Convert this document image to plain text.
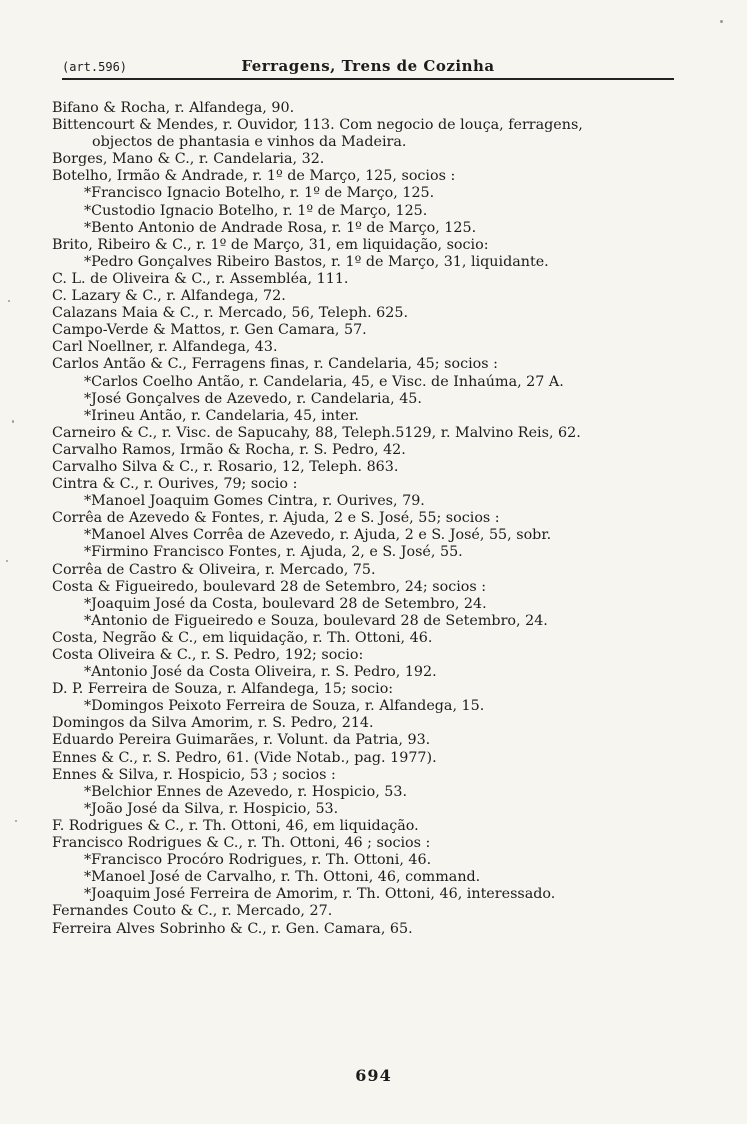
(art.596)	Ferragens, Trens de Cozinha
Bifano & Rocha, r. Alfandega, 90.
Bittencourt & Mendes, r. Ouvidor, 113. Com negocio de louça, ferragens,
objectos de phantasia e vinhos da Madeira.
Borges, Mano & C., r. Candelaria, 32.
Botelho, Irmão & Andrade, r. 1º de Março, 125, socios :
*Francisco Ignacio Botelho, r. 1º de Março, 125.
*Custodio Ignacio Botelho, r. 1º de Março, 125.
*Bento Antonio de Andrade Rosa, r. 1º de Março, 125.
Brito, Ribeiro & C., r. 1º de Março, 31, em liquidação, socio:
*Pedro Gonçalves Ribeiro Bastos, r. 1º de Março, 31, liquidante.
C. L. de Oliveira & C., r. Assembléa, 111.
C. Lazary & C., r. Alfandega, 72.
Calazans Maia & C., r. Mercado, 56, Teleph. 625.
Campo-Verde & Mattos, r. Gen Camara, 57.
Carl Noellner, r. Alfandega, 43.
Carlos Antão & C., Ferragens finas, r. Candelaria, 45; socios :
*Carlos Coelho Antão, r. Candelaria, 45, e Visc. de Inhaúma, 27 A.
*José Gonçalves de Azevedo, r. Candelaria, 45.
*Irineu Antão, r. Candelaria, 45, inter.
Carneiro & C., r. Visc. de Sapucahy, 88, Teleph.5129, r. Malvino Reis, 62.
Carvalho Ramos, Irmão & Rocha, r. S. Pedro, 42.
Carvalho Silva & C., r. Rosario, 12, Teleph. 863.
Cintra & C., r. Ourives, 79; socio :
*Manoel Joaquim Gomes Cintra, r. Ourives, 79.
Corrêa de Azevedo & Fontes, r. Ajuda, 2 e S. José, 55; socios :
*Manoel Alves Corrêa de Azevedo, r. Ajuda, 2 e S. José, 55, sobr.
*Firmino Francisco Fontes, r. Ajuda, 2, e S. José, 55.
Corrêa de Castro & Oliveira, r. Mercado, 75.
Costa & Figueiredo, boulevard 28 de Setembro, 24; socios :
*Joaquim José da Costa, boulevard 28 de Setembro, 24.
*Antonio de Figueiredo e Souza, boulevard 28 de Setembro, 24.
Costa, Negrão & C., em liquidação, r. Th. Ottoni, 46.
Costa Oliveira & C., r. S. Pedro, 192; socio:
*Antonio José da Costa Oliveira, r. S. Pedro, 192.
D. P. Ferreira de Souza, r. Alfandega, 15; socio:
*Domingos Peixoto Ferreira de Souza, r. Alfandega, 15.
Domingos da Silva Amorim, r. S. Pedro, 214.
Eduardo Pereira Guimarães, r. Volunt. da Patria, 93.
Ennes & C., r. S. Pedro, 61. (Vide Notab., pag. 1977).
Ennes & Silva, r. Hospicio, 53 ; socios :
*Belchior Ennes de Azevedo, r. Hospicio, 53.
*João José da Silva, r. Hospicio, 53.
F. Rodrigues & C., r. Th. Ottoni, 46, em liquidação.
Francisco Rodrigues & C., r. Th. Ottoni, 46 ; socios :
*Francisco Procóro Rodrigues, r. Th. Ottoni, 46.
*Manoel José de Carvalho, r. Th. Ottoni, 46, command.
*Joaquim José Ferreira de Amorim, r. Th. Ottoni, 46, interessado.
Fernandes Couto & C., r. Mercado, 27.
Ferreira Alves Sobrinho & C., r. Gen. Camara, 65.
694
